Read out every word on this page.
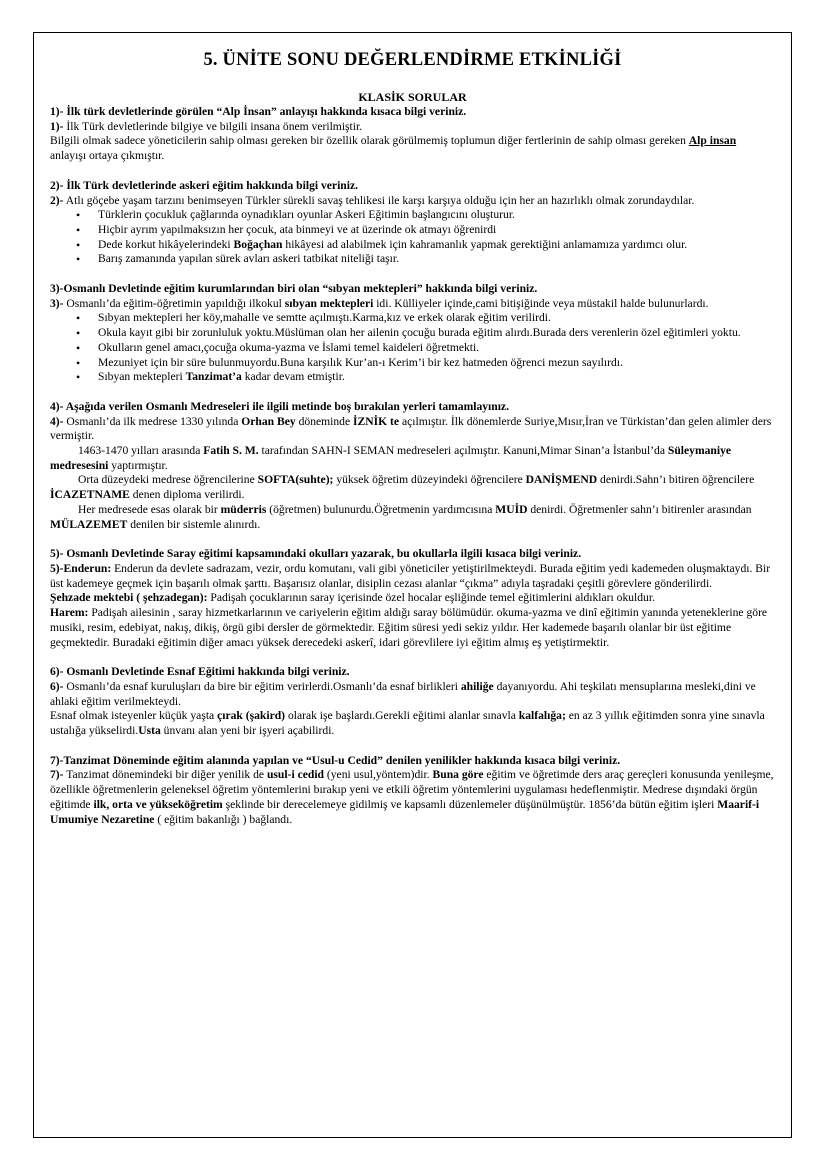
5. ÜNİTE SONU DEĞERLENDİRME ETKİNLİĞİ
KLASİK SORULAR

1)- İlk türk devletlerinde görülen “Alp İnsan” anlayışı hakkında kısaca bilgi veriniz.

1)- İlk Türk devletlerinde bilgiye ve bilgili insana önem verilmiştir.

Bilgili olmak sadece yöneticilerin sahip olması gereken bir özellik olarak görülmemiş toplumun diğer fertlerinin de sahip olması gereken Alp insan anlayışı ortaya çıkmıştır.

2)- İlk Türk devletlerinde askeri eğitim hakkında bilgi veriniz.

2)- Atlı göçebe yaşam tarzını benimseyen Türkler sürekli savaş tehlikesi ile karşı karşıya olduğu için her an hazırlıklı olmak zorundaydılar.

• Türklerin çocukluk çağlarında oynadıkları oyunlar Askeri Eğitimin başlangıcını oluşturur.
• Hiçbir ayrım yapılmaksızın her çocuk, ata binmeyi ve at üzerinde ok atmayı öğrenirdi
• Dede korkut hikâyelerindeki Boğaçhan hikâyesi ad alabilmek için kahramanlık yapmak gerektiğini anlamamıza yardımcı olur.
• Barış zamanında yapılan sürek avları askeri tatbikat niteliği taşır.

3)-Osmanlı Devletinde eğitim kurumlarından biri olan “sıbyan mektepleri” hakkında bilgi veriniz.

3)- Osmanlı’da eğitim-öğretimin yapıldığı ilkokul sıbyan mektepleri idi. Külliyeler içinde,cami bitişiğinde veya müstakil halde bulunurlardı.

• Sıbyan mektepleri her köy,mahalle ve semtte açılmıştı.Karma,kız ve erkek olarak eğitim verilirdi.
• Okula kayıt gibi bir zorunluluk yoktu.Müslüman olan her ailenin çocuğu burada eğitim alırdı.Burada ders verenlerin özel eğitimleri yoktu.
• Okulların genel amacı,çocuğa okuma-yazma ve İslami temel kaideleri öğretmekti.
• Mezuniyet için bir süre bulunmuyordu.Buna karşılık Kur’an-ı Kerim’i bir kez hatmeden öğrenci mezun sayılırdı.
• Sıbyan mektepleri Tanzimat’a kadar devam etmiştir.

4)- Aşağıda verilen Osmanlı Medreseleri ile ilgili metinde boş bırakılan yerleri tamamlayınız.

4)- Osmanlı’da ilk medrese 1330 yılında Orhan Bey döneminde İZNİK te açılmıştır. İlk dönemlerde Suriye,Mısır,İran ve Türkistan’dan gelen alimler ders vermiştir.

1463-1470 yılları arasında Fatih S. M. tarafından SAHN-I SEMAN medreseleri açılmıştır. Kanuni,Mimar Sinan’a İstanbul’da Süleymaniye medresesini yaptırmıştır.

Orta düzeydeki medrese öğrencilerine SOFTA(suhte); yüksek öğretim düzeyindeki öğrencilere DANİŞMEND denirdi.Sahn’ı bitiren öğrencilere İCAZETNAME denen diploma verilirdi.

Her medresede esas olarak bir müderris (öğretmen) bulunurdu.Öğretmenin yardımcısına MUİD denirdi. Öğretmenler sahn’ı bitirenler arasından MÜLAZEMET denilen bir sistemle alınırdı.

5)- Osmanlı Devletinde Saray eğitimi kapsamındaki okulları yazarak, bu okullarla ilgili kısaca bilgi veriniz.

5)-Enderun: Enderun da devlete sadrazam, vezir, ordu komutanı, vali gibi yöneticiler yetiştirilmekteydi. Burada eğitim yedi kademeden oluşmaktaydı. Bir üst kademeye geçmek için başarılı olmak şarttı. Başarısız olanlar, disiplin cezası alanlar “çıkma” adıyla taşradaki çeşitli görevlere gönderilirdi.

Şehzade mektebi ( şehzadegan): Padişah çocuklarının saray içerisinde özel hocalar eşliğinde temel eğitimlerini aldıkları okuldur.

Harem: Padişah ailesinin , saray hizmetkarlarının ve cariyelerin eğitim aldığı saray bölümüdür. okuma-yazma ve dinî eğitimin yanında yeteneklerine göre musiki, resim, edebiyat, nakış, dikiş, örgü gibi dersler de görmektedir. Eğitim süresi yedi sekiz yıldır. Her kademede başarılı olanlar bir üst eğitime geçmektedir. Buradaki eğitimin diğer amacı yüksek derecedeki askerî, idari görevlilere iyi eğitim almış eş yetiştirmektir.

6)- Osmanlı Devletinde Esnaf Eğitimi hakkında bilgi veriniz.

6)- Osmanlı’da esnaf kuruluşları da bire bir eğitim verirlerdi.Osmanlı’da esnaf birlikleri ahiliğe dayanıyordu. Ahi teşkilatı mensuplarına mesleki,dini ve ahlaki eğitim verilmekteydi.

Esnaf olmak isteyenler küçük yaşta çırak (şakird) olarak işe başlardı.Gerekli eğitimi alanlar sınavla kalfalığa; en az 3 yıllık eğitimden sonra yine sınavla ustalığa yükselirdi.Usta ünvanı alan yeni bir işyeri açabilirdi.

7)-Tanzimat Döneminde eğitim alanında yapılan ve “Usul-u Cedid” denilen yenilikler hakkında kısaca bilgi veriniz.

7)- Tanzimat dönemindeki bir diğer yenilik de usul-i cedid (yeni usul,yöntem)dir. Buna göre eğitim ve öğretimde ders araç gereçleri konusunda yenileşme, özellikle öğretmenlerin geleneksel öğretim yöntemlerini bırakıp yeni ve etkili öğretim yöntemlerini uygulaması hedeflenmiştir. Medrese dışındaki örgün eğitimde ilk, orta ve yükseköğretim şeklinde bir derecelemeye gidilmiş ve kapsamlı düzenlemeler düşünülmüştür. 1856’da bütün eğitim işleri Maarif-i Umumiye Nezaretine ( eğitim bakanlığı ) bağlandı.
